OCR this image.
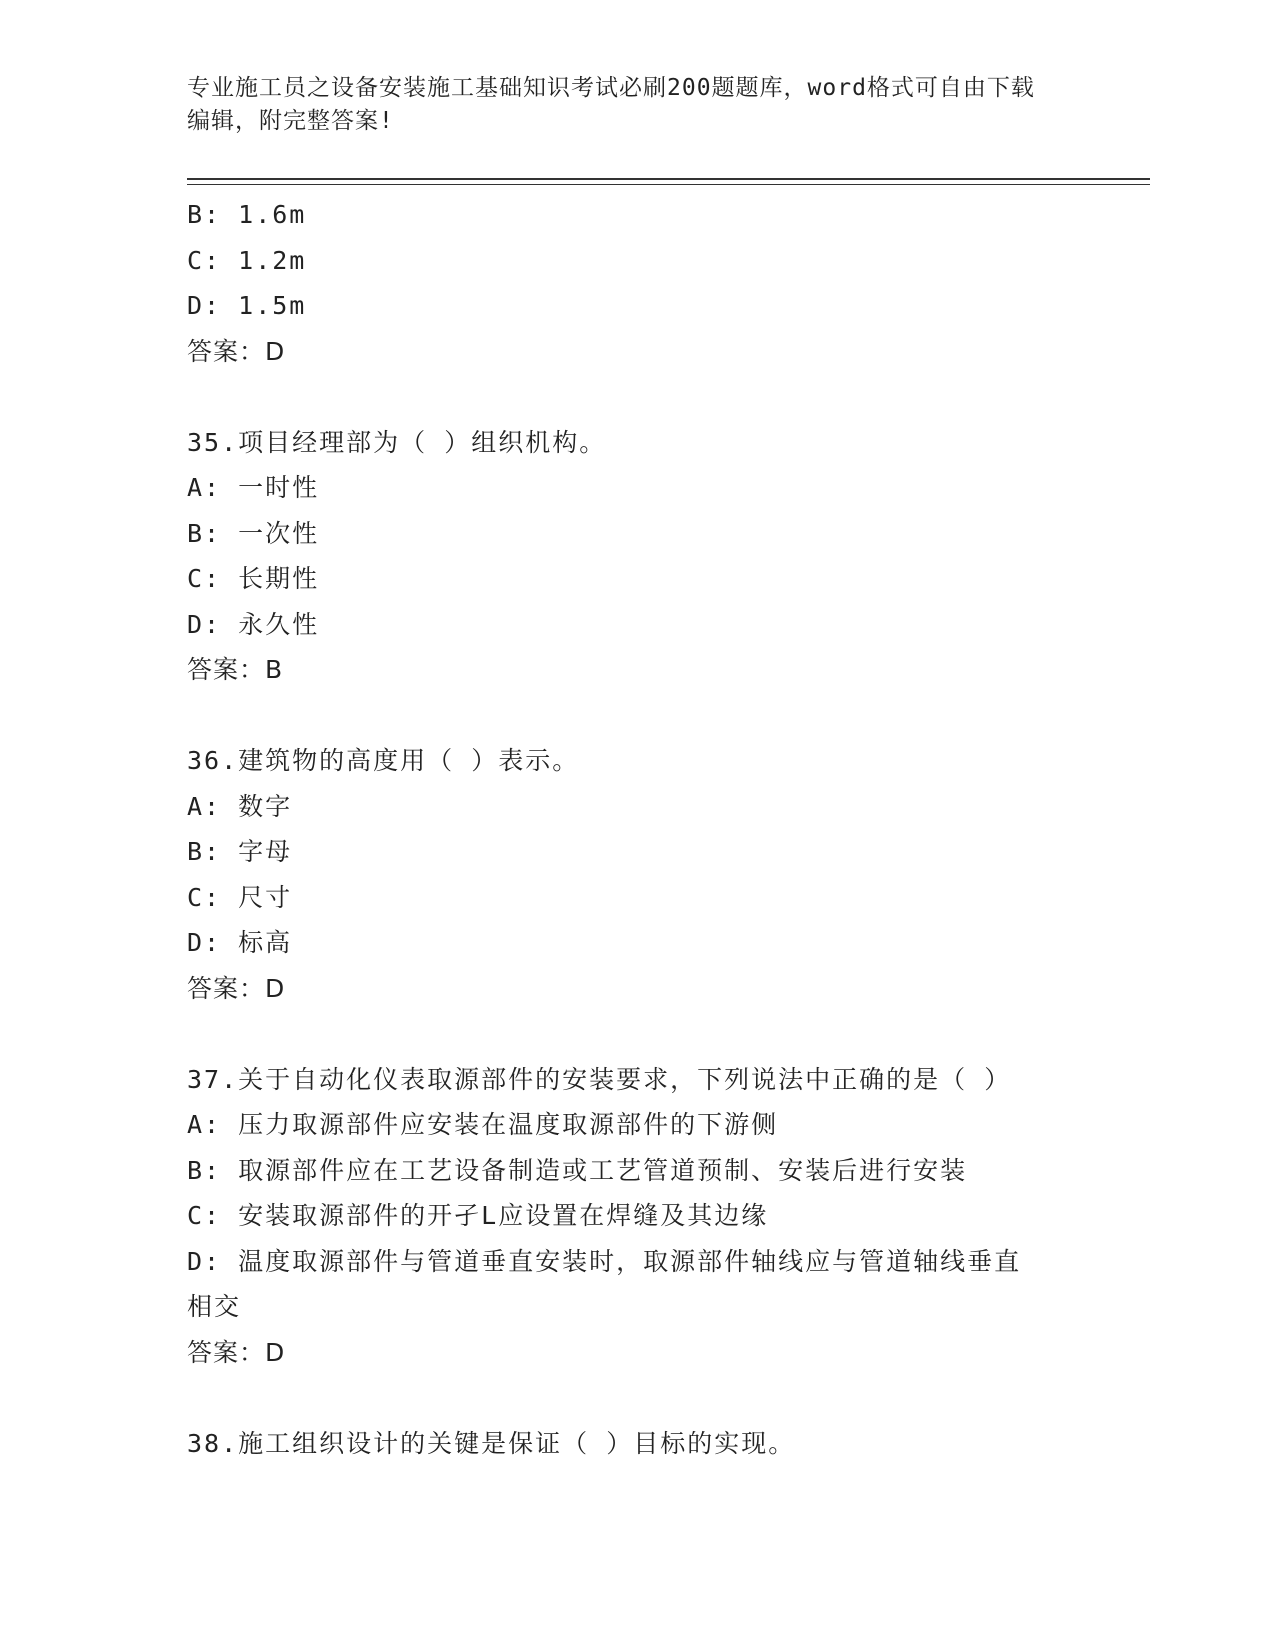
专业施工员之设备安装施工基础知识考试必刷200题题库，word格式可自由下载
编辑，附完整答案!
B: 1.6m
C: 1.2m
D: 1.5m
答案：D
35.项目经理部为（ ）组织机构。
A: 一时性
B: 一次性
C: 长期性
D: 永久性
答案：B
36.建筑物的高度用（ ）表示。
A: 数字
B: 字母
C: 尺寸
D: 标高
答案：D
37.关于自动化仪表取源部件的安装要求，下列说法中正确的是（ ）
A: 压力取源部件应安装在温度取源部件的下游侧
B: 取源部件应在工艺设备制造或工艺管道预制、安装后进行安装
C: 安装取源部件的开孑L应设置在焊缝及其边缘
D: 温度取源部件与管道垂直安装时，取源部件轴线应与管道轴线垂直
相交
答案：D
38.施工组织设计的关键是保证（ ）目标的实现。
